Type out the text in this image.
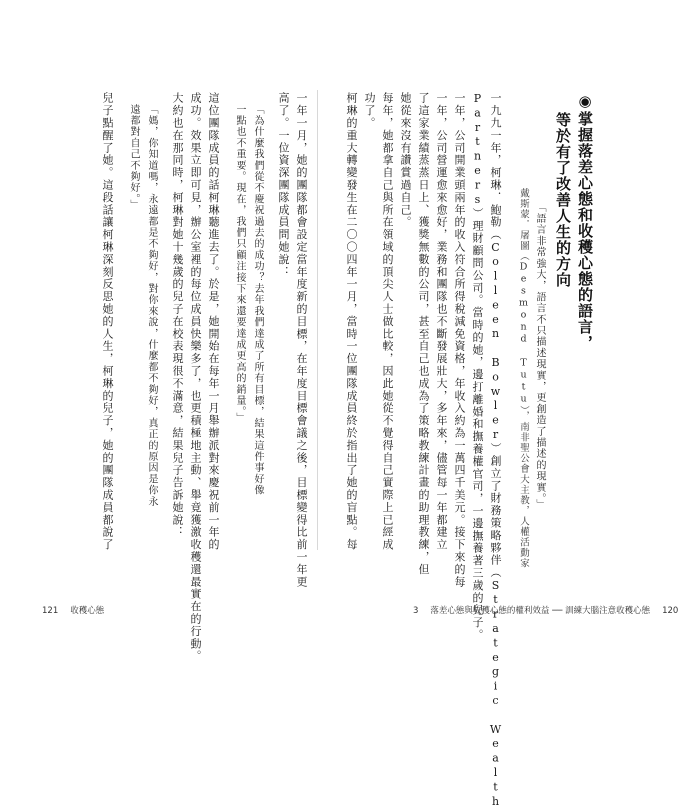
一年一月，她的團隊都會設定當年度新的目標，在年度目標會議之後，目標變得比前一年更
高了。一位資深團隊成員問她說：
「為什麼我們從不慶祝過去的成功？去年我們達成了所有目標，結果這件事好像
一點也不重要。現在，我們只顧注接下來還要達成更高的銷量。」
這位團隊成員的話柯琳聽進去了。於是，她開始在每年一月舉辦派對來慶祝前一年的
成功。效果立即可見，辦公室裡的每位成員快樂多了，也更積極地主動、舉竟獲激收穫還最實在的行動。
大約也在那同時，柯琳對她十幾歲的兒子在校表現很不滿意，結果兒子告訴她說：
「媽，你知道嗎，永遠都是不夠好，對你來說，什麼都不夠好，真正的原因是你永
遠都對自己不夠好。」
兒子點醒了她。這段話讓柯琳深刻反思她的人生，柯琳的兒子，她的團隊成員都說了	◉掌握落差心態和收穫心態的語言，
等於有了改善人生的方向
「語言非常強大，語言不只描述現實，更創造了描述的現實。」
戴斯蒙．屠圖（Desmond Tutu），南非聖公會大主教，人權活動家
一九九一年，柯琳．鮑勒（Colleen Bowler）創立了財務策略夥伴（Strategic Wealth
Partners）理財顧問公司。當時的她，邊打離婚和撫養權官司，一邊撫養著三歲的兒子。
一年，公司開業頭兩年的收入符合所得稅減免資格，年收入約為一萬四千美元。接下來的每
一年，公司營運愈來愈好，業務和團隊也不斷發展壯大，多年來，儘管每一年都建立
了這家業績蒸蒸日上、獲獎無數的公司，甚至自己也成為了策略教練計畫的助理教練，但
她從來沒有讚賞過自己。
每年，她都拿自己與所在領域的頂尖人士做比較，因此她從不覺得自己實際上已經成
功了。
柯琳的重大轉變發生在二〇〇四年一月，當時一位團隊成員終於指出了她的盲點。每
121 收穫心態	3 落差心態與收穫心態的權利效益 ── 訓練大腦注意收穫心態 120
